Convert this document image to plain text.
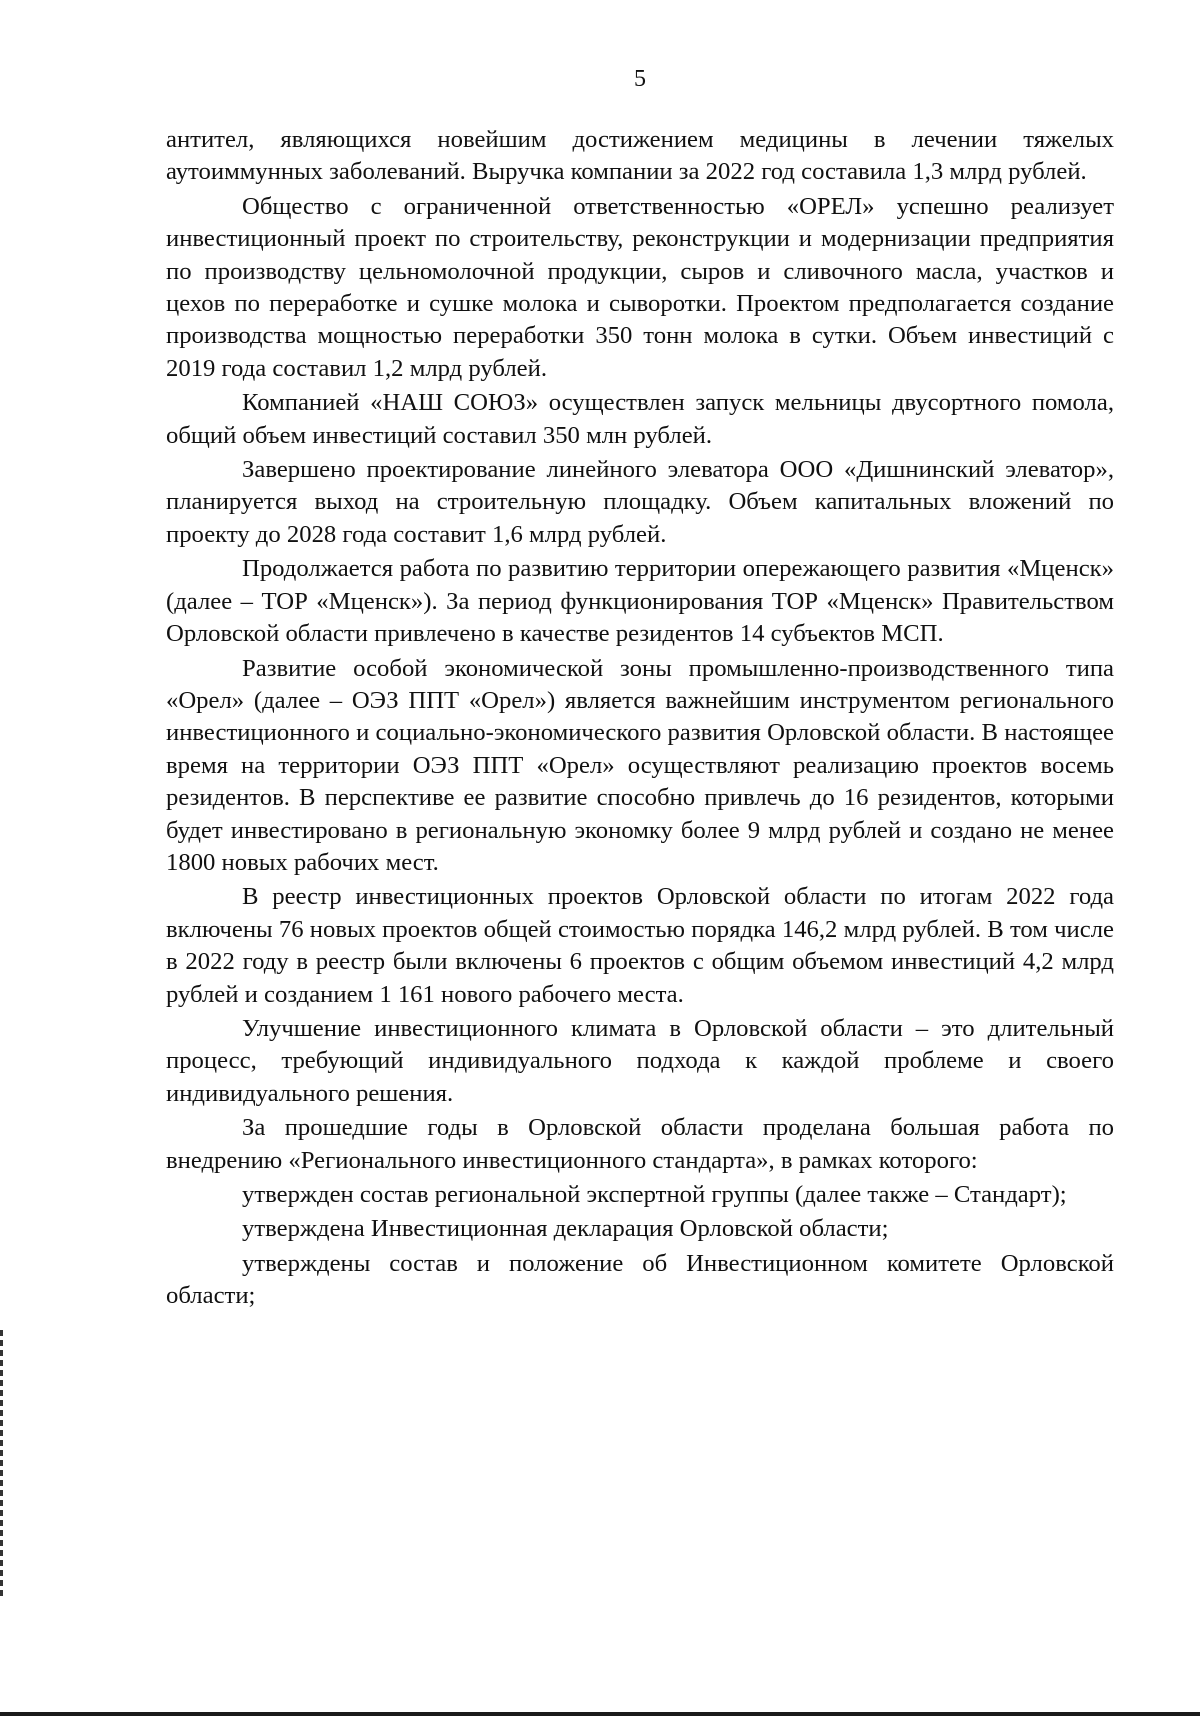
5

антител, являющихся новейшим достижением медицины в лечении тяжелых аутоиммунных заболеваний. Выручка компании за 2022 год составила 1,3 млрд рублей.

Общество с ограниченной ответственностью «ОРЕЛ» успешно реализует инвестиционный проект по строительству, реконструкции и модернизации предприятия по производству цельномолочной продукции, сыров и сливочного масла, участков и цехов по переработке и сушке молока и сыворотки. Проектом предполагается создание производства мощностью переработки 350 тонн молока в сутки. Объем инвестиций с 2019 года составил 1,2 млрд рублей.

Компанией «НАШ СОЮЗ» осуществлен запуск мельницы двусортного помола, общий объем инвестиций составил 350 млн рублей.

Завершено проектирование линейного элеватора ООО «Дишнинский элеватор», планируется выход на строительную площадку. Объем капитальных вложений по проекту до 2028 года составит 1,6 млрд рублей.

Продолжается работа по развитию территории опережающего развития «Мценск» (далее – ТОР «Мценск»). За период функционирования ТОР «Мценск» Правительством Орловской области привлечено в качестве резидентов 14 субъектов МСП.

Развитие особой экономической зоны промышленно-производственного типа «Орел» (далее – ОЭЗ ППТ «Орел») является важнейшим инструментом регионального инвестиционного и социально-экономического развития Орловской области. В настоящее время на территории ОЭЗ ППТ «Орел» осуществляют реализацию проектов восемь резидентов. В перспективе ее развитие способно привлечь до 16 резидентов, которыми будет инвестировано в региональную экономку более 9 млрд рублей и создано не менее 1800 новых рабочих мест.

В реестр инвестиционных проектов Орловской области по итогам 2022 года включены 76 новых проектов общей стоимостью порядка 146,2 млрд рублей. В том числе в 2022 году в реестр были включены 6 проектов с общим объемом инвестиций 4,2 млрд рублей и созданием 1 161 нового рабочего места.

Улучшение инвестиционного климата в Орловской области – это длительный процесс, требующий индивидуального подхода к каждой проблеме и своего индивидуального решения.

За прошедшие годы в Орловской области проделана большая работа по внедрению «Регионального инвестиционного стандарта», в рамках которого:

утвержден состав региональной экспертной группы (далее также – Стандарт);

утверждена Инвестиционная декларация Орловской области;

утверждены состав и положение об Инвестиционном комитете Орловской области;
